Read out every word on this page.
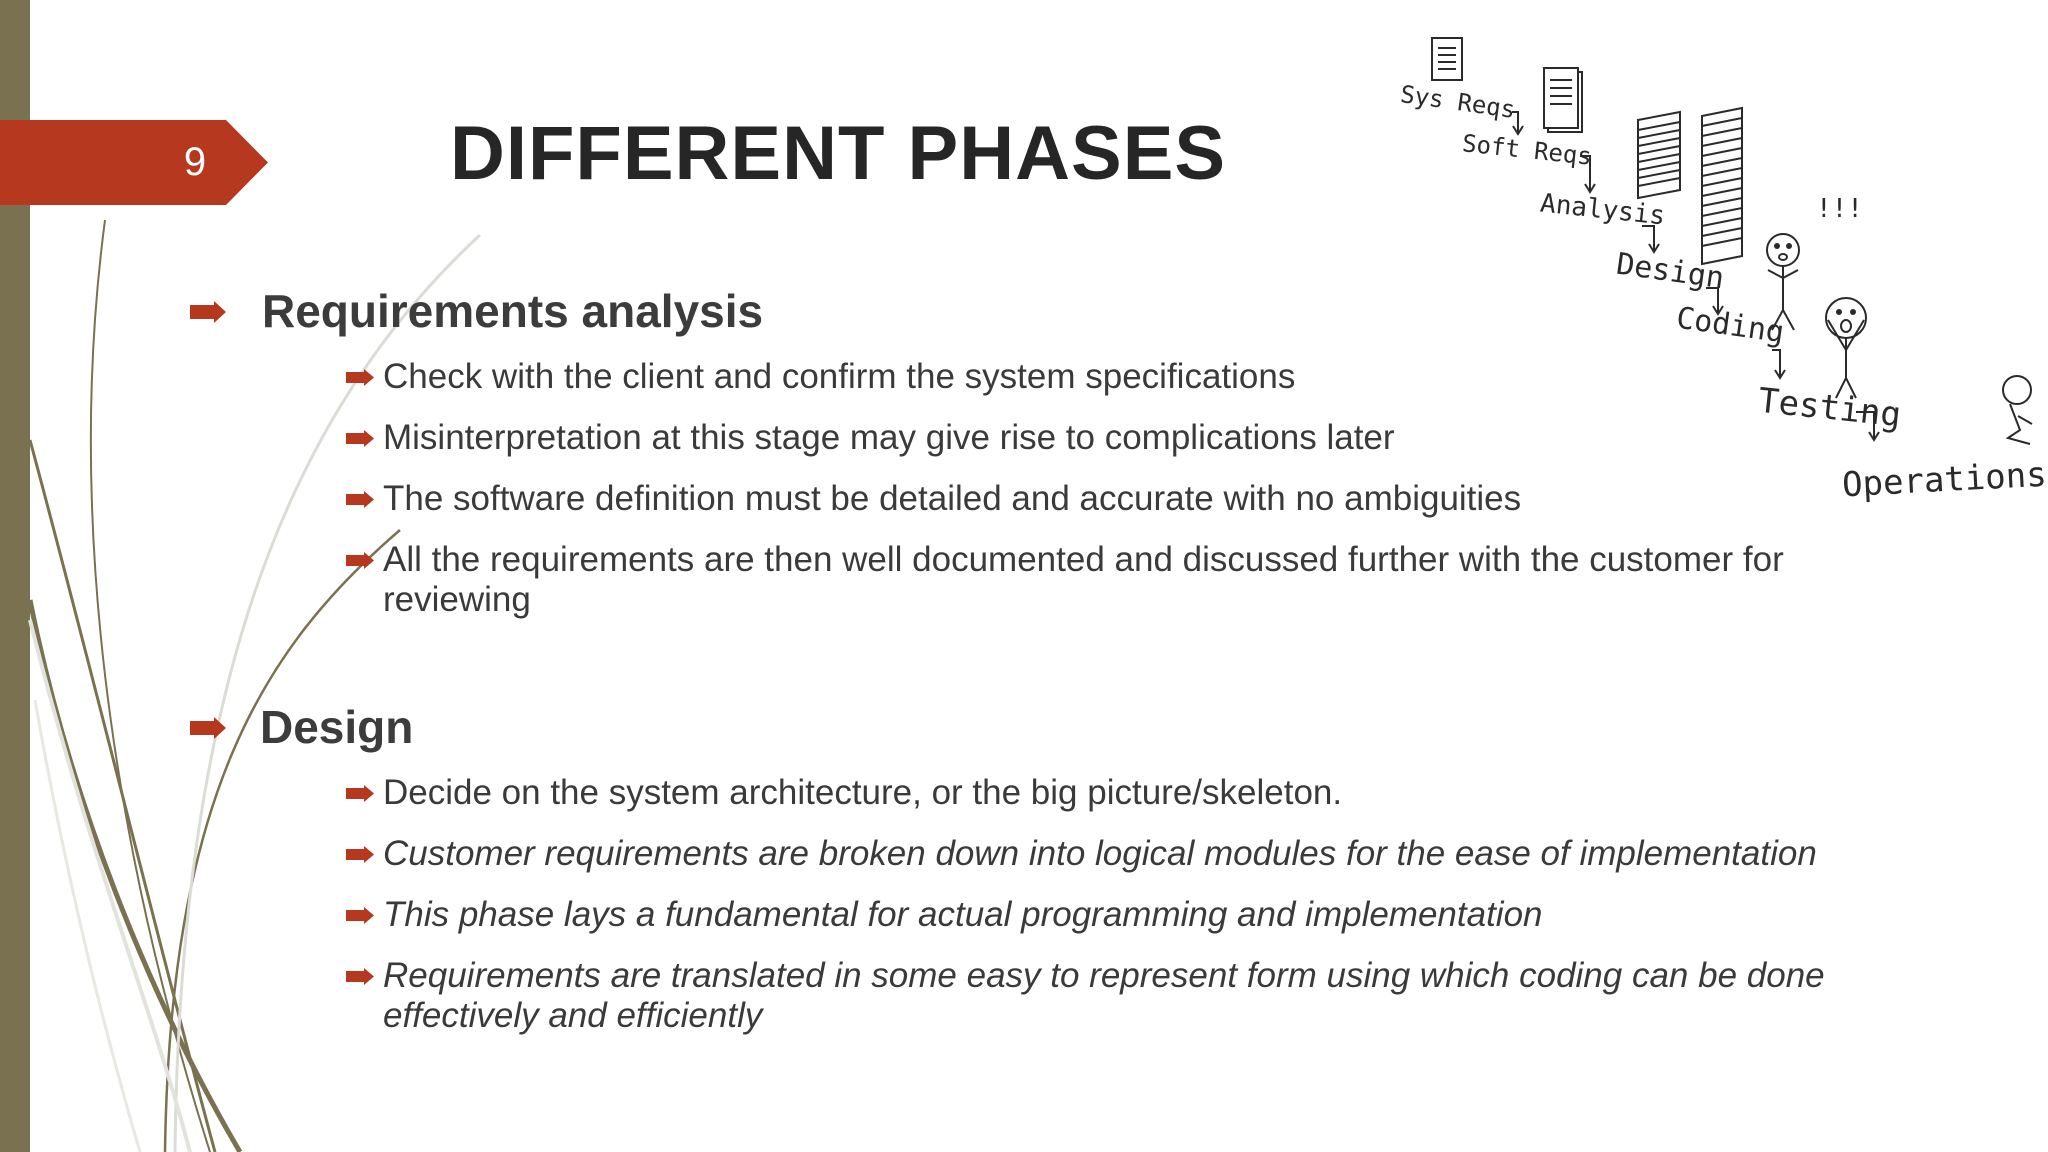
9	DIFFERENT PHASES
Sys Reqs
Soft Reqs
Analysis
Design
Coding
Testing
Operations
!!!
Requirements analysis
Check with the client and confirm the system specifications
Misinterpretation at this stage may give rise to complications later
The software definition must be detailed and accurate with no ambiguities
All the requirements are then well documented and discussed further with the customer for reviewing
Design
Decide on the system architecture, or the big picture/skeleton.
Customer requirements are broken down into logical modules for the ease of implementation
This phase lays a fundamental for actual programming and implementation
Requirements are translated in some easy to represent form using which coding can be done effectively and efficiently
